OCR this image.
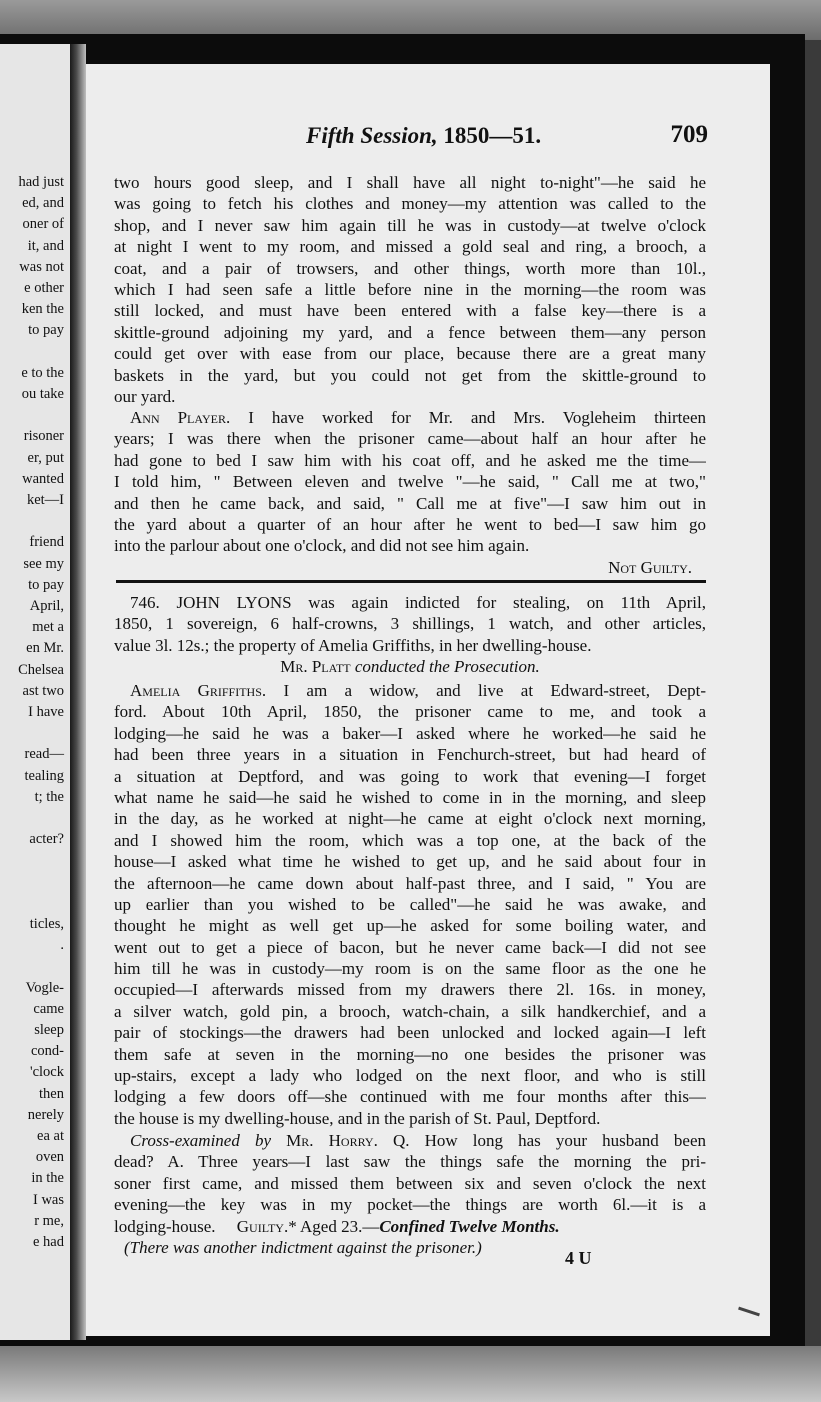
had just
ed, and
oner of
it, and
was not
e other
ken the
to pay
e to the
ou take
risoner
er, put
wanted
ket—I
friend
see my
to pay
April,
met a
en Mr.
Chelsea
ast two
I have
read—
tealing
t; the
acter?
ticles,
.
Vogle-
came
sleep
cond-
'clock
then
nerely
ea at
oven
in the
I was
r me,
e had
Fifth Session, 1850—51.	709
two hours good sleep, and I shall have all night to-night"—he said he
was going to fetch his clothes and money—my attention was called to the
shop, and I never saw him again till he was in custody—at twelve o'clock
at night I went to my room, and missed a gold seal and ring, a brooch, a
coat, and a pair of trowsers, and other things, worth more than 10l.,
which I had seen safe a little before nine in the morning—the room was
still locked, and must have been entered with a false key—there is a
skittle-ground adjoining my yard, and a fence between them—any person
could get over with ease from our place, because there are a great many
baskets in the yard, but you could not get from the skittle-ground to
our yard.
Ann Player. I have worked for Mr. and Mrs. Vogleheim thirteen
years; I was there when the prisoner came—about half an hour after he
had gone to bed I saw him with his coat off, and he asked me the time—
I told him, " Between eleven and twelve "—he said, " Call me at two,"
and then he came back, and said, " Call me at five"—I saw him out in
the yard about a quarter of an hour after he went to bed—I saw him go
into the parlour about one o'clock, and did not see him again.
Not Guilty.
746. JOHN LYONS was again indicted for stealing, on 11th April,
1850, 1 sovereign, 6 half-crowns, 3 shillings, 1 watch, and other articles,
value 3l. 12s.; the property of Amelia Griffiths, in her dwelling-house.
Mr. Platt conducted the Prosecution.
Amelia Griffiths. I am a widow, and live at Edward-street, Dept-
ford. About 10th April, 1850, the prisoner came to me, and took a
lodging—he said he was a baker—I asked where he worked—he said he
had been three years in a situation in Fenchurch-street, but had heard of
a situation at Deptford, and was going to work that evening—I forget
what name he said—he said he wished to come in in the morning, and sleep
in the day, as he worked at night—he came at eight o'clock next morning,
and I showed him the room, which was a top one, at the back of the
house—I asked what time he wished to get up, and he said about four in
the afternoon—he came down about half-past three, and I said, " You are
up earlier than you wished to be called"—he said he was awake, and
thought he might as well get up—he asked for some boiling water, and
went out to get a piece of bacon, but he never came back—I did not see
him till he was in custody—my room is on the same floor as the one he
occupied—I afterwards missed from my drawers there 2l. 16s. in money,
a silver watch, gold pin, a brooch, watch-chain, a silk handkerchief, and a
pair of stockings—the drawers had been unlocked and locked again—I left
them safe at seven in the morning—no one besides the prisoner was
up-stairs, except a lady who lodged on the next floor, and who is still
lodging a few doors off—she continued with me four months after this—
the house is my dwelling-house, and in the parish of St. Paul, Deptford.
Cross-examined by Mr. Horry. Q. How long has your husband been
dead? A. Three years—I last saw the things safe the morning the pri-
soner first came, and missed them between six and seven o'clock the next
evening—the key was in my pocket—the things are worth 6l.—it is a
lodging-house. Guilty.* Aged 23.—Confined Twelve Months.
(There was another indictment against the prisoner.)
4 U
